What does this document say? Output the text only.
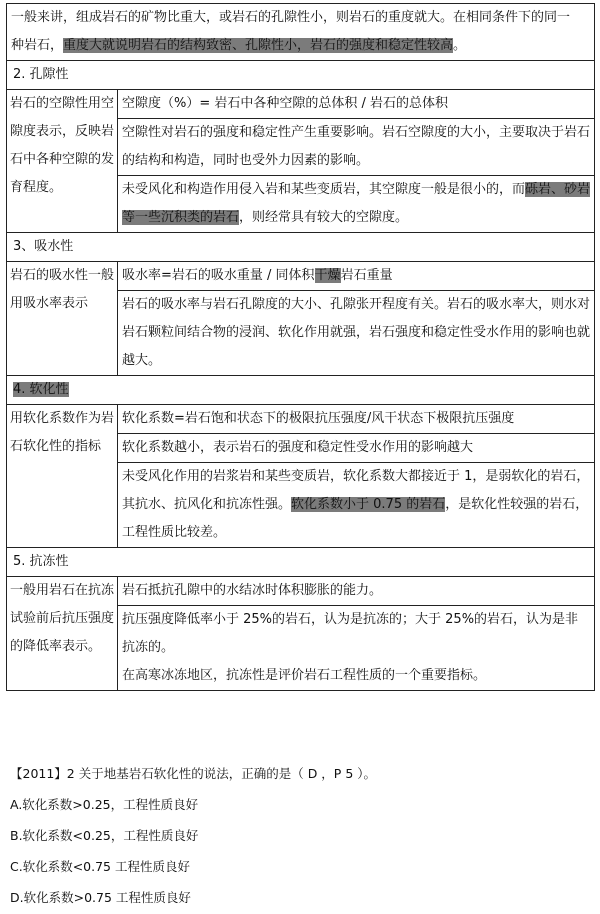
一般来讲，组成岩石的矿物比重大，或岩石的孔隙性小，则岩石的重度就大。在相同条件下的同一
种岩石，重度大就说明岩石的结构致密、孔隙性小，岩石的强度和稳定性较高。	

2. 孔隙性	
岩石的空隙性用空隙度表示，反映岩石中各种空隙的发育程度。	空隙度（%）= 岩石中各种空隙的总体积 / 岩石的总体积
	空隙性对岩石的强度和稳定性产生重要影响。岩石空隙度的大小，主要取决于岩石的结构和构造，同时也受外力因素的影响。
	未受风化和构造作用侵入岩和某些变质岩，其空隙度一般是很小的，而砾岩、砂岩等一些沉积类的岩石，则经常具有较大的空隙度。
3、吸水性	
岩石的吸水性一般用吸水率表示	吸水率=岩石的吸水重量 / 同体积干燥岩石重量
	岩石的吸水率与岩石孔隙度的大小、孔隙张开程度有关。岩石的吸水率大，则水对岩石颗粒间结合物的浸润、软化作用就强，岩石强度和稳定性受水作用的影响也就越大。
4. 软化性	
用软化系数作为岩石软化性的指标	软化系数=岩石饱和状态下的极限抗压强度/风干状态下极限抗压强度
	软化系数越小，表示岩石的强度和稳定性受水作用的影响越大
	未受风化作用的岩浆岩和某些变质岩，软化系数大都接近于 1，是弱软化的岩石，其抗水、抗风化和抗冻性强。软化系数小于 0.75 的岩石，是软化性较强的岩石，工程性质比较差。
5. 抗冻性	
一般用岩石在抗冻试验前后抗压强度的降低率表示。	岩石抵抗孔隙中的水结冰时体积膨胀的能力。
	抗压强度降低率小于 25%的岩石，认为是抗冻的；大于 25%的岩石，认为是非抗冻的。
在高寒冰冻地区，抗冻性是评价岩石工程性质的一个重要指标。
【2011】2 关于地基岩石软化性的说法，正确的是（ D ，P 5 ）。
A.软化系数>0.25，工程性质良好
B.软化系数<0.25，工程性质良好
C.软化系数<0.75 工程性质良好
D.软化系数>0.75 工程性质良好
